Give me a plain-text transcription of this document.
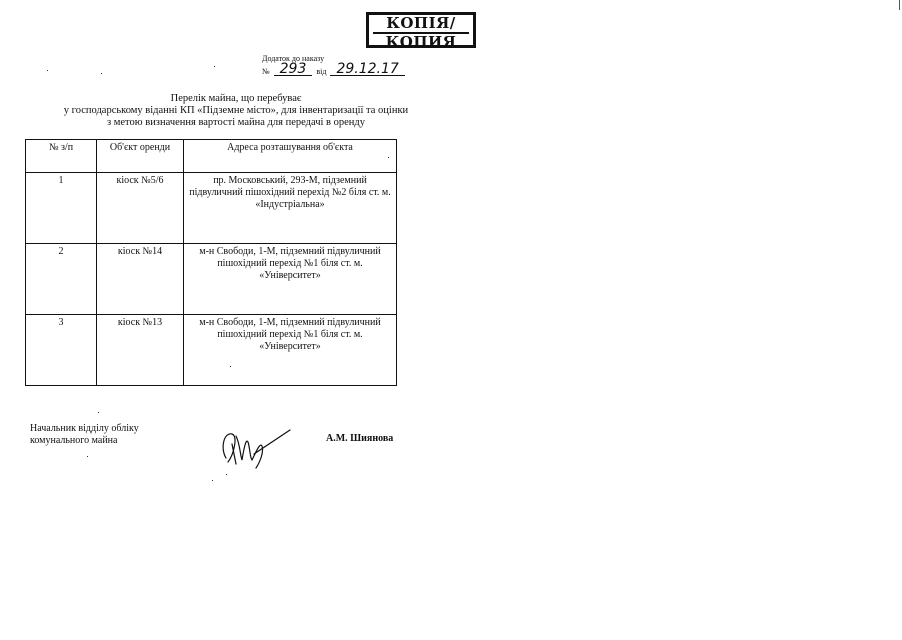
КОПІЯ/
КОПИЯ
Додаток до наказу
№ 293	від 29.12.17
Перелік майна, що перебуває
у господарському віданні КП «Підземне місто», для інвентаризації та оцінки
з метою визначення вартості майна для передачі в оренду
№ з/п	Об'єкт оренди	Адреса розташування об'єкта
1	кіоск №5/6	пр. Московський, 293-М, підземний підвуличний пішохідний перехід №2 біля ст. м. «Індустріальна»
2	кіоск №14	м-н Свободи, 1-М, підземний підвуличний пішохідний перехід №1 біля ст. м. «Університет»
3	кіоск №13	м-н Свободи, 1-М, підземний підвуличний пішохідний перехід №1 біля ст. м. «Університет»
Начальник відділу обліку
комунального майна	А.М. Шиянова
